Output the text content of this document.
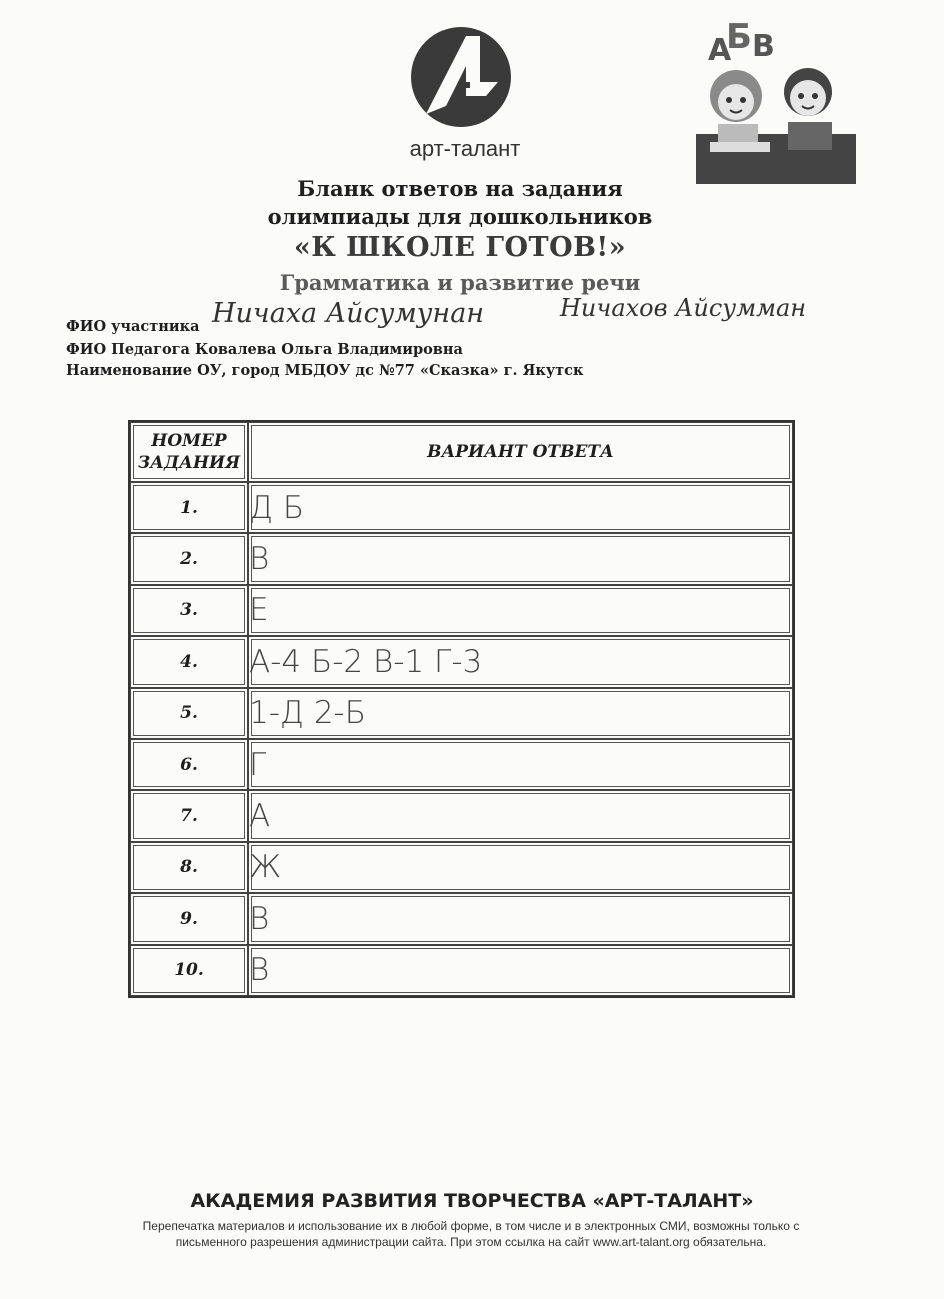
арт-талант
А
Б В
Бланк ответов на задания
олимпиады для дошкольников
«К ШКОЛЕ ГОТОВ!»
Грамматика и развитие речи
ФИО участника Ничаха Айсумунан	Ничахов Айсумман
ФИО Педагога Ковалева Ольга Владимировна
Наименование ОУ, город МБДОУ дс №77 «Сказка» г. Якутск
НОМЕР
ЗАДАНИЯ	ВАРИАНТ ОТВЕТА
1.	Д Б
2.	В
3.	Е
4.	А-4 Б-2 В-1 Г-3
5.	1-Д 2-Б
6.	Г
7.	А
8.	Ж
9.	В
10.	В
АКАДЕМИЯ РАЗВИТИЯ ТВОРЧЕСТВА «АРТ-ТАЛАНТ»
Перепечатка материалов и использование их в любой форме, в том числе и в электронных СМИ, возможны только с
письменного разрешения администрации сайта. При этом ссылка на сайт www.art-talant.org обязательна.
